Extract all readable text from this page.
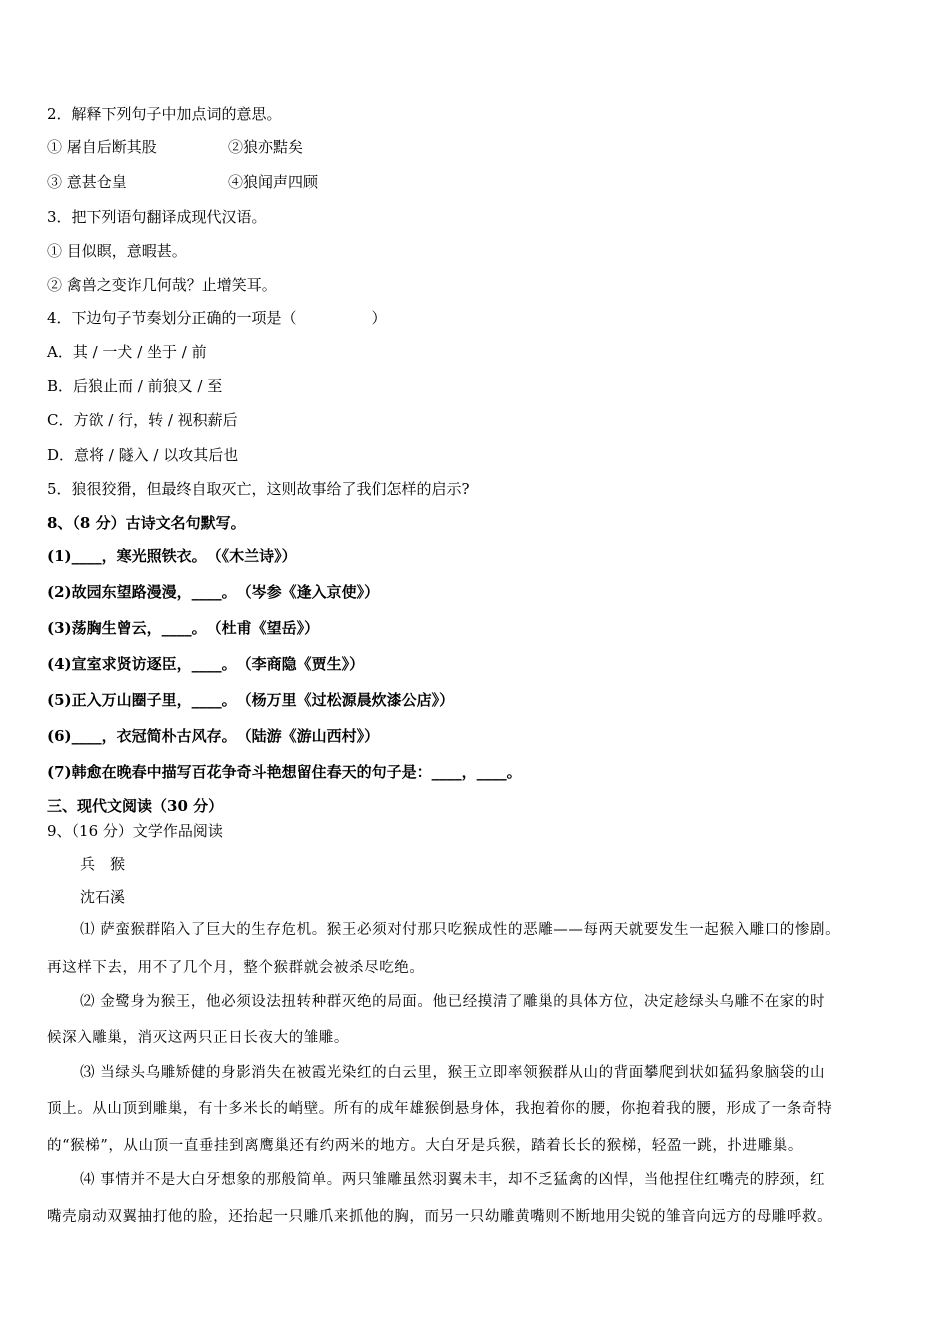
2．解释下列句子中加点词的意思。
① 屠自后断其股	②狼亦黠矣
③ 意甚仓皇	④狼闻声四顾
3．把下列语句翻译成现代汉语。
① 目似瞑，意暇甚。
② 禽兽之变诈几何哉？止增笑耳。
4．下边句子节奏划分正确的一项是（　　　　　）
A．其 / 一犬 / 坐于 / 前
B．后狼止而 / 前狼又 / 至
C．方欲 / 行，转 / 视积薪后
D．意将 / 隧入 / 以攻其后也
5．狼很狡猾，但最终自取灭亡，这则故事给了我们怎样的启示?
8、（8 分）古诗文名句默写。
(1)____，寒光照铁衣。　（《木兰诗》）
(2)故园东望路漫漫，____。　（岑参《逢入京使》）
(3)荡胸生曾云，____。　（杜甫《望岳》）
(4)宣室求贤访逐臣，____。　（李商隐《贾生》）
(5)正入万山圈子里，____。　（杨万里《过松源晨炊漆公店》）
(6)____，衣冠简朴古风存。　（陆游《游山西村》）
(7)韩愈在晚春中描写百花争奇斗艳想留住春天的句子是：____，____。
三、现代文阅读（30 分）
9、（16 分）文学作品阅读
兵　猴
沈石溪
⑴ 萨蛮猴群陷入了巨大的生存危机。猴王必须对付那只吃猴成性的恶雕——每两天就要发生一起猴入雕口的惨剧。
再这样下去，用不了几个月，整个猴群就会被杀尽吃绝。
⑵ 金鹭身为猴王，他必须设法扭转种群灭绝的局面。他已经摸清了雕巢的具体方位，决定趁绿头乌雕不在家的时
候深入雕巢，消灭这两只正日长夜大的雏雕。
⑶ 当绿头乌雕矫健的身影消失在被霞光染红的白云里，猴王立即率领猴群从山的背面攀爬到状如猛犸象脑袋的山
顶上。从山顶到雕巢，有十多米长的峭壁。所有的成年雄猴倒悬身体，我抱着你的腰，你抱着我的腰，形成了一条奇特
的“猴梯”，从山顶一直垂挂到离鹰巢还有约两米的地方。大白牙是兵猴，踏着长长的猴梯，轻盈一跳，扑进雕巢。
⑷ 事情并不是大白牙想象的那般简单。两只雏雕虽然羽翼未丰，却不乏猛禽的凶悍，当他捏住红嘴壳的脖颈，红
嘴壳扇动双翼抽打他的脸，还抬起一只雕爪来抓他的胸，而另一只幼雕黄嘴则不断地用尖锐的雏音向远方的母雕呼救。
